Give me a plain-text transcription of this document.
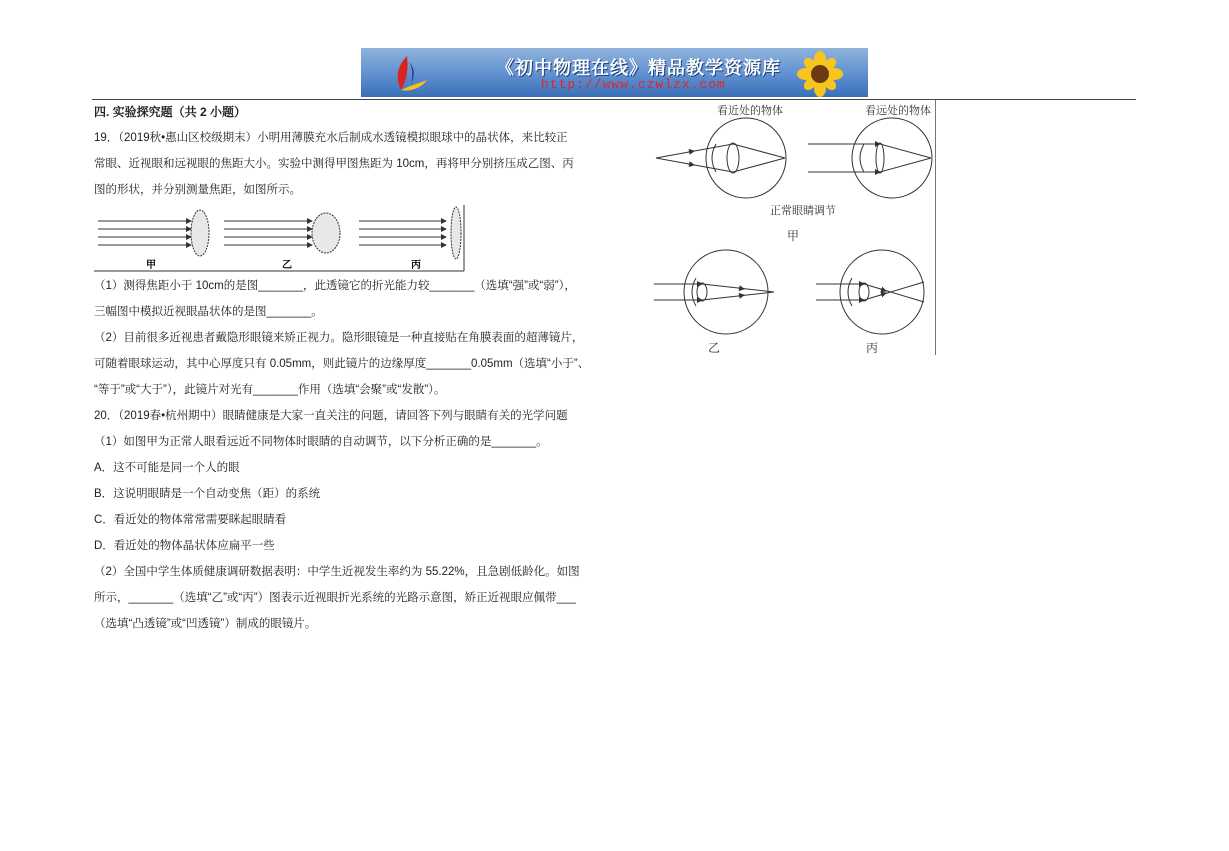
《初中物理在线》精品教学资源库
http://www.czwlzx.com
四. 实验探究题（共 2 小题）
19．（2019秋•惠山区校级期末）小明用薄膜充水后制成水透镜模拟眼球中的晶状体，来比较正
常眼、近视眼和远视眼的焦距大小。实验中测得甲图焦距为 10cm，再将甲分别挤压成乙图、丙
图的形状，并分别测量焦距，如图所示。
甲	乙	丙
（1）测得焦距小于 10cm的是图_______，此透镜它的折光能力较_______（选填“强”或“弱”），
三幅图中模拟近视眼晶状体的是图_______。
（2）目前很多近视患者戴隐形眼镜来矫正视力。隐形眼镜是一种直接贴在角膜表面的超薄镜片，
可随着眼球运动，其中心厚度只有 0.05mm，则此镜片的边缘厚度_______0.05mm（选填“小于”、
“等于”或“大于”），此镜片对光有_______作用（选填“会聚”或“发散”）。
20．（2019春•杭州期中）眼睛健康是大家一直关注的问题，请回答下列与眼睛有关的光学问题
（1）如图甲为正常人眼看远近不同物体时眼睛的自动调节，以下分析正确的是_______。
A．这不可能是同一个人的眼
B．这说明眼睛是一个自动变焦（距）的系统
C．看近处的物体常常需要眯起眼睛看
D．看近处的物体晶状体应扁平一些
（2）全国中学生体质健康调研数据表明：中学生近视发生率约为 55.22%，且急剧低龄化。如图
所示，_______（选填“乙”或“丙”）图表示近视眼折光系统的光路示意图，矫正近视眼应佩带___
（选填“凸透镜”或“凹透镜”）制成的眼镜片。
看近处的物体	看远处的物体
正常眼睛调节
甲
乙	丙
